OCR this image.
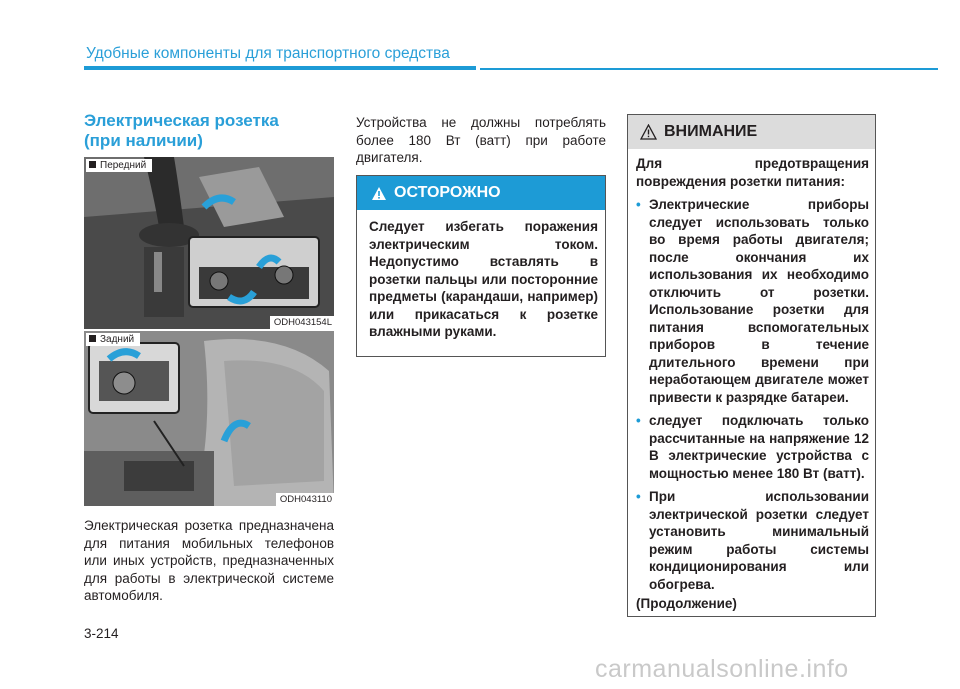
Удобные компоненты для транспортного средства
Электрическая розетка
(при наличии)
Передний
ODH043154L
Задний
ODH043110
Электрическая розетка предназначена для питания мобильных телефонов или иных устройств, предназначенных для работы в электрической системе автомобиля.
Устройства не должны потреблять более 180 Вт (ватт) при работе двигателя.
ОСТОРОЖНО
Следует избегать поражения электрическим током. Недопустимо вставлять в розетки пальцы или посторонние предметы (карандаши, например) или прикасаться к розетке влажными руками.
ВНИМАНИЕ
Для предотвращения повреждения розетки питания:
• Электрические приборы следует использовать только во время работы двигателя; после окончания их использования их необходимо отключить от розетки. Использование розетки для питания вспомогательных приборов в течение длительного времени при неработающем двигателе может привести к разрядке батареи.
• следует подключать только рассчитанные на напряжение 12 В электрические устройства с мощностью менее 180 Вт (ватт).
• При использовании электрической розетки следует установить минимальный режим работы системы кондиционирования или обогрева.
(Продолжение)
3-214
carmanualsonline.info
